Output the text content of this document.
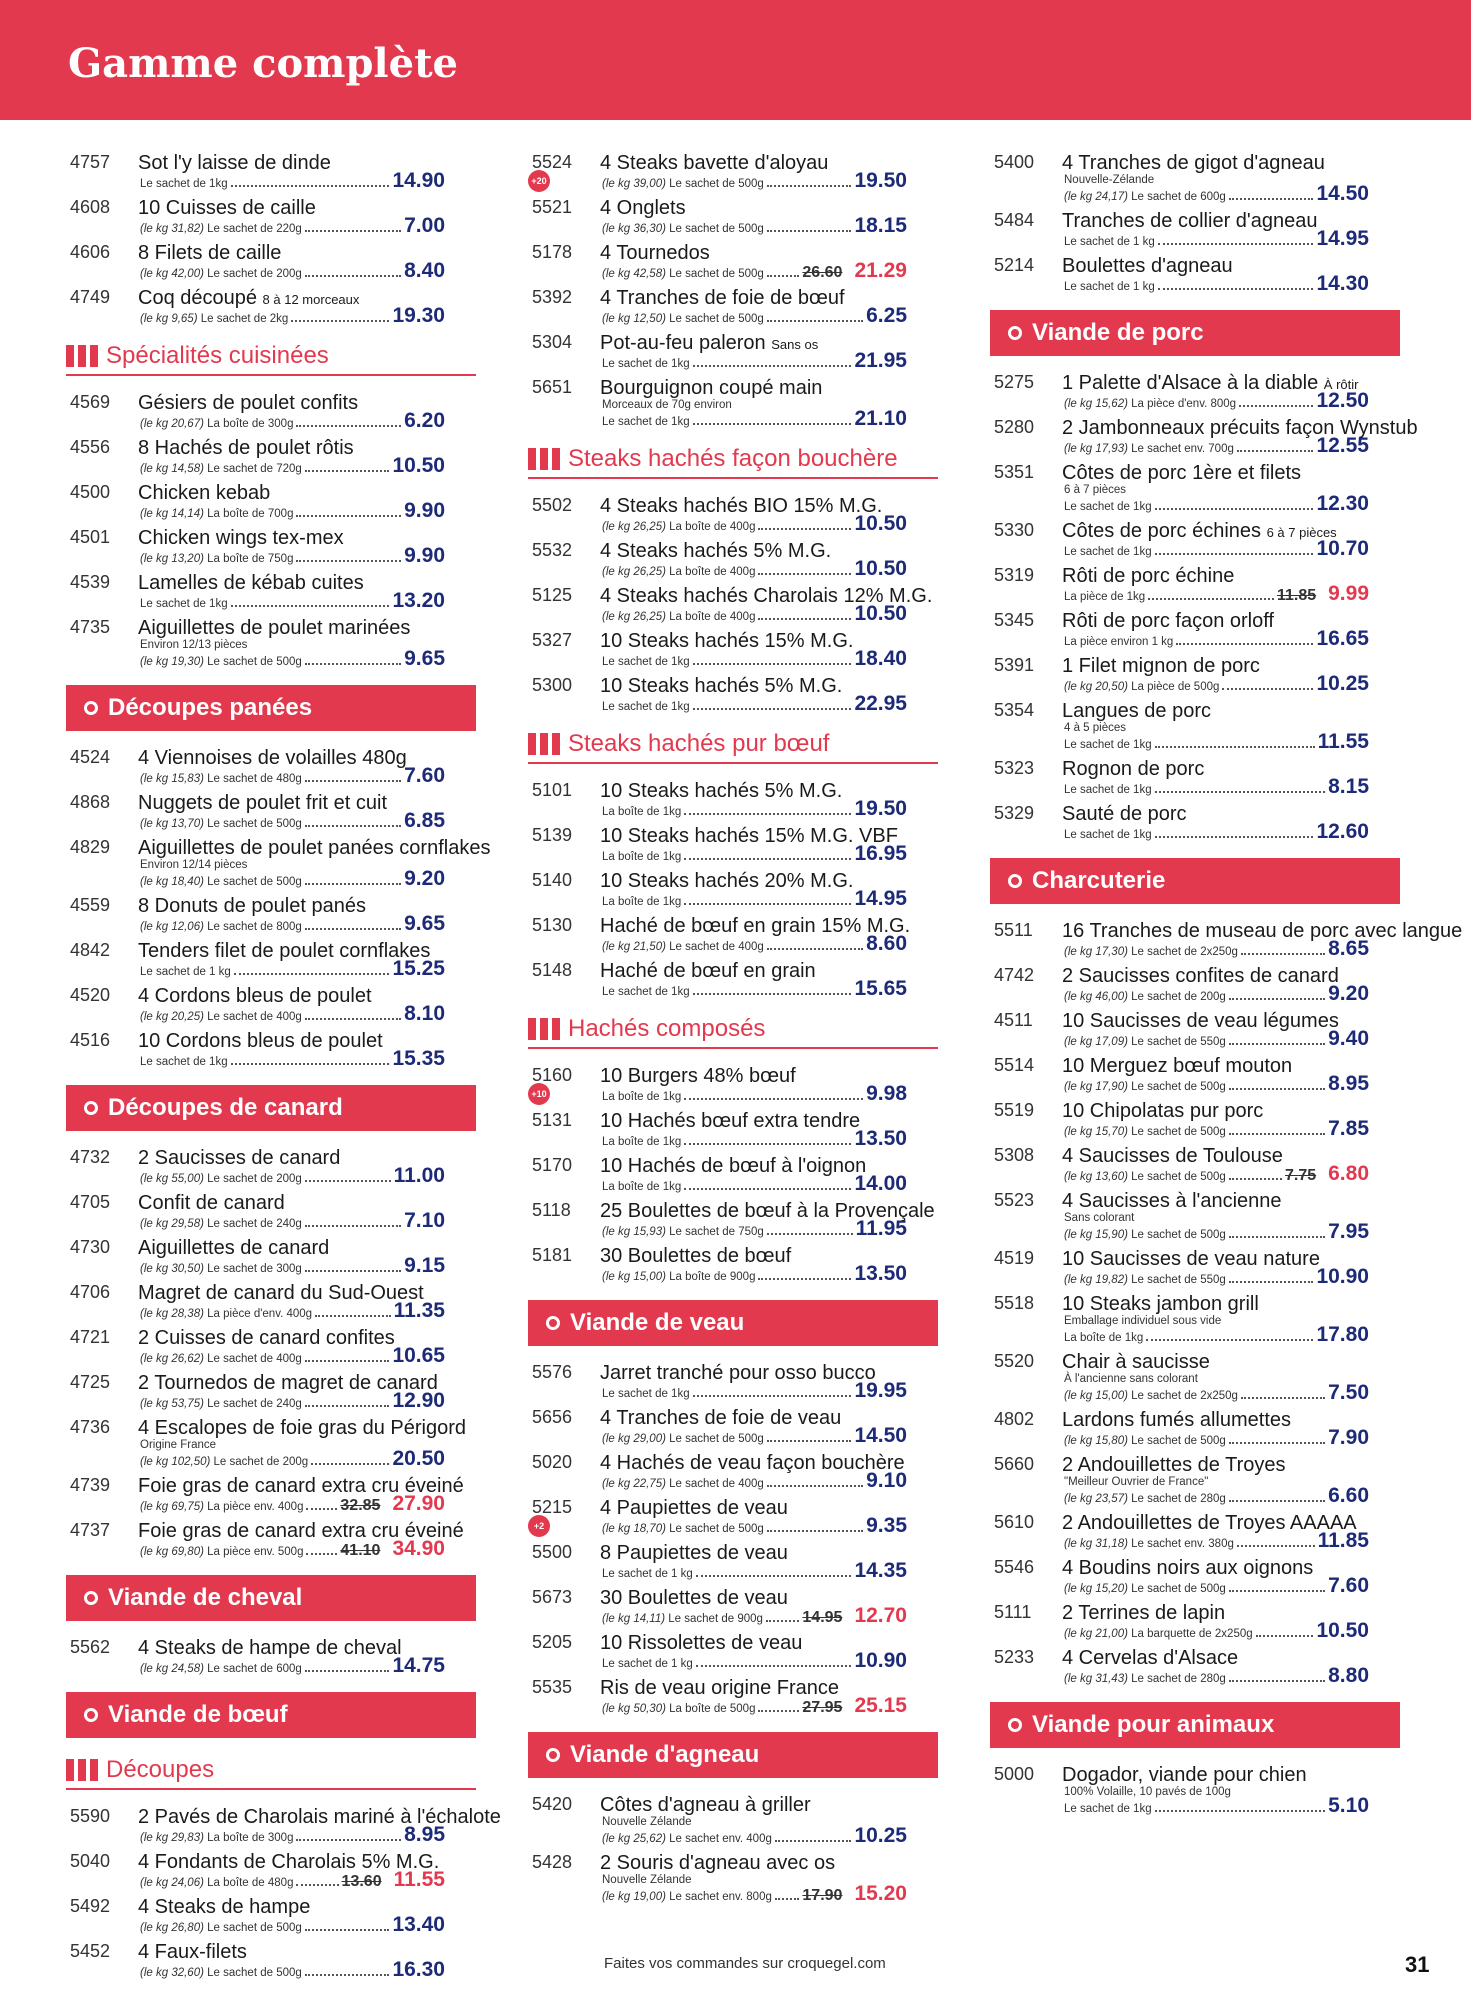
Gamme complète
4757	Sot l'y laisse de dinde
Le sachet de 1kg	14.90
4608	10 Cuisses de caille
(le kg 31,82)
Le sachet de 220g	7.00
4606	8 Filets de caille
(le kg 42,00)
Le sachet de 200g	8.40
4749	Coq découpé 8 à 12 morceaux
(le kg 9,65)
Le sachet de 2kg	19.30
Spécialités cuisinées
4569	Gésiers de poulet confits
(le kg 20,67)
La boîte de 300g	6.20
4556	8 Hachés de poulet rôtis
(le kg 14,58)
Le sachet de 720g	10.50
4500	Chicken kebab
(le kg 14,14)
La boîte de 700g	9.90
4501	Chicken wings tex-mex
(le kg 13,20)
La boîte de 750g	9.90
4539	Lamelles de kébab cuites
Le sachet de 1kg	13.20
4735	Aiguillettes de poulet marinées
Environ 12/13 pièces
(le kg 19,30)
Le sachet de 500g	9.65
Découpes panées
4524	4 Viennoises de volailles 480g
(le kg 15,83)
Le sachet de 480g	7.60
4868	Nuggets de poulet frit et cuit
(le kg 13,70)
Le sachet de 500g	6.85
4829	Aiguillettes de poulet panées cornflakes
Environ 12/14 pièces
(le kg 18,40)
Le sachet de 500g	9.20
4559	8 Donuts de poulet panés
(le kg 12,06)
Le sachet de 800g	9.65
4842	Tenders filet de poulet cornflakes
Le sachet de 1 kg	15.25
4520	4 Cordons bleus de poulet
(le kg 20,25)
Le sachet de 400g	8.10
4516	10 Cordons bleus de poulet
Le sachet de 1kg	15.35
Découpes de canard
4732	2 Saucisses de canard
(le kg 55,00)
Le sachet de 200g	11.00
4705	Confit de canard
(le kg 29,58)
Le sachet de 240g	7.10
4730	Aiguillettes de canard
(le kg 30,50)
Le sachet de 300g	9.15
4706	Magret de canard du Sud-Ouest
(le kg 28,38)
La pièce d'env. 400g	11.35
4721	2 Cuisses de canard confites
(le kg 26,62)
Le sachet de 400g	10.65
4725	2 Tournedos de magret de canard
(le kg 53,75)
Le sachet de 240g	12.90
4736	4 Escalopes de foie gras du Périgord
Origine France
(le kg 102,50)
Le sachet de 200g	20.50
4739	Foie gras de canard extra cru éveiné
(le kg 69,75)
La pièce env. 400g 32.85 27.90
4737	Foie gras de canard extra cru éveiné
(le kg 69,80)
La pièce env. 500g 41.10 34.90
Viande de cheval
5562	4 Steaks de hampe de cheval
(le kg 24,58)
Le sachet de 600g	14.75
Viande de bœuf
Découpes
5590	2 Pavés de Charolais mariné à l'échalote
(le kg 29,83)
La boîte de 300g	8.95
5040	4 Fondants de Charolais 5% M.G.
(le kg 24,06)
La boîte de 480g	13.60 11.55
5492	4 Steaks de hampe
(le kg 26,80)
Le sachet de 500g	13.40
5452	4 Faux-filets
(le kg 32,60)
Le sachet de 500g	16.30
+20
5524	4 Steaks bavette d'aloyau
(le kg 39,00)
Le sachet de 500g	19.50
5521	4 Onglets
(le kg 36,30)
Le sachet de 500g	18.15
5178	4 Tournedos
(le kg 42,58)
Le sachet de 500g 26.60 21.29
5392	4 Tranches de foie de bœuf
(le kg 12,50)
Le sachet de 500g	6.25
5304	Pot-au-feu paleron Sans os
Le sachet de 1kg	21.95
5651	Bourguignon coupé main
Morceaux de 70g environ
Le sachet de 1kg	21.10
Steaks hachés façon bouchère
5502	4 Steaks hachés BIO 15% M.G.
(le kg 26,25)
La boîte de 400g	10.50
5532	4 Steaks hachés 5% M.G.
(le kg 26,25)
La boîte de 400g	10.50
5125	4 Steaks hachés Charolais 12% M.G.
(le kg 26,25)
La boîte de 400g	10.50
5327	10 Steaks hachés 15% M.G.
Le sachet de 1kg	18.40
5300	10 Steaks hachés 5% M.G.
Le sachet de 1kg	22.95
Steaks hachés pur bœuf
5101	10 Steaks hachés 5% M.G.
La boîte de 1kg	19.50
5139	10 Steaks hachés 15% M.G. VBF
La boîte de 1kg	16.95
5140	10 Steaks hachés 20% M.G.
La boîte de 1kg	14.95
5130	Haché de bœuf en grain 15% M.G.
(le kg 21,50)
Le sachet de 400g	8.60
5148	Haché de bœuf en grain
Le sachet de 1kg	15.65
Hachés composés
+10
5160	10 Burgers 48% bœuf
La boîte de 1kg	9.98
5131	10 Hachés bœuf extra tendre
La boîte de 1kg	13.50
5170	10 Hachés de bœuf à l'oignon
La boîte de 1kg	14.00
5118	25 Boulettes de bœuf à la Provençale
(le kg 15,93)
Le sachet de 750g	11.95
5181	30 Boulettes de bœuf
(le kg 15,00)
La boîte de 900g	13.50
Viande de veau
5576	Jarret tranché pour osso bucco
Le sachet de 1kg	19.95
5656	4 Tranches de foie de veau
(le kg 29,00)
Le sachet de 500g	14.50
5020	4 Hachés de veau façon bouchère
(le kg 22,75)
Le sachet de 400g	9.10
+2
5215	4 Paupiettes de veau
(le kg 18,70)
Le sachet de 500g	9.35
5500	8 Paupiettes de veau
Le sachet de 1 kg	14.35
5673	30 Boulettes de veau
(le kg 14,11)
Le sachet de 900g 14.95 12.70
5205	10 Rissolettes de veau
Le sachet de 1 kg	10.90
5535	Ris de veau origine France
(le kg 50,30)
La boîte de 500g	27.95 25.15
Viande d'agneau
5420	Côtes d'agneau à griller
Nouvelle Zélande
(le kg 25,62)
Le sachet env. 400g	10.25
5428	2 Souris d'agneau avec os
Nouvelle Zélande
(le kg 19,00)
Le sachet env. 800g 17.90 15.20
5400	4 Tranches de gigot d'agneau
Nouvelle-Zélande
(le kg 24,17)
Le sachet de 600g	14.50
5484	Tranches de collier d'agneau
Le sachet de 1 kg	14.95
5214	Boulettes d'agneau
Le sachet de 1 kg	14.30
Viande de porc
5275	1 Palette d'Alsace à la diable À rôtir
(le kg 15,62)
La pièce d'env. 800g	12.50
5280	2 Jambonneaux précuits façon Wynstub
(le kg 17,93)
Le sachet env. 700g	12.55
5351	Côtes de porc 1ère et filets
6 à 7 pièces
Le sachet de 1kg	12.30
5330	Côtes de porc échines 6 à 7 pièces
Le sachet de 1kg	10.70
5319	Rôti de porc échine
La pièce de 1kg	11.85 9.99
5345	Rôti de porc façon orloff
La pièce environ 1 kg	16.65
5391	1 Filet mignon de porc
(le kg 20,50)
La pièce de 500g	10.25
5354	Langues de porc
4 à 5 pièces
Le sachet de 1kg	11.55
5323	Rognon de porc
Le sachet de 1kg	8.15
5329	Sauté de porc
Le sachet de 1kg	12.60
Charcuterie
5511	16 Tranches de museau de porc avec langue
(le kg 17,30)
Le sachet de 2x250g	8.65
4742	2 Saucisses confites de canard
(le kg 46,00)
Le sachet de 200g	9.20
4511	10 Saucisses de veau légumes
(le kg 17,09)
Le sachet de 550g	9.40
5514	10 Merguez bœuf mouton
(le kg 17,90)
Le sachet de 500g	8.95
5519	10 Chipolatas pur porc
(le kg 15,70)
Le sachet de 500g	7.85
5308	4 Saucisses de Toulouse
(le kg 13,60)
Le sachet de 500g	7.75 6.80
5523	4 Saucisses à l'ancienne
Sans colorant
(le kg 15,90)
Le sachet de 500g	7.95
4519	10 Saucisses de veau nature
(le kg 19,82)
Le sachet de 550g	10.90
5518	10 Steaks jambon grill
Emballage individuel sous vide
La boîte de 1kg	17.80
5520	Chair à saucisse
À l'ancienne sans colorant
(le kg 15,00)
Le sachet de 2x250g	7.50
4802	Lardons fumés allumettes
(le kg 15,80)
Le sachet de 500g	7.90
5660	2 Andouillettes de Troyes
"Meilleur Ouvrier de France"
(le kg 23,57)
Le sachet de 280g	6.60
5610	2 Andouillettes de Troyes AAAAA
(le kg 31,18)
Le sachet env. 380g	11.85
5546	4 Boudins noirs aux oignons
(le kg 15,20)
Le sachet de 500g	7.60
5111	2 Terrines de lapin
(le kg 21,00)
La barquette de 2x250g	10.50
5233	4 Cervelas d'Alsace
(le kg 31,43)
Le sachet de 280g	8.80
Viande pour animaux
5000	Dogador, viande pour chien
100% Volaille, 10 pavés de 100g
Le sachet de 1kg	5.10
Faites vos commandes sur croquegel.com	31
